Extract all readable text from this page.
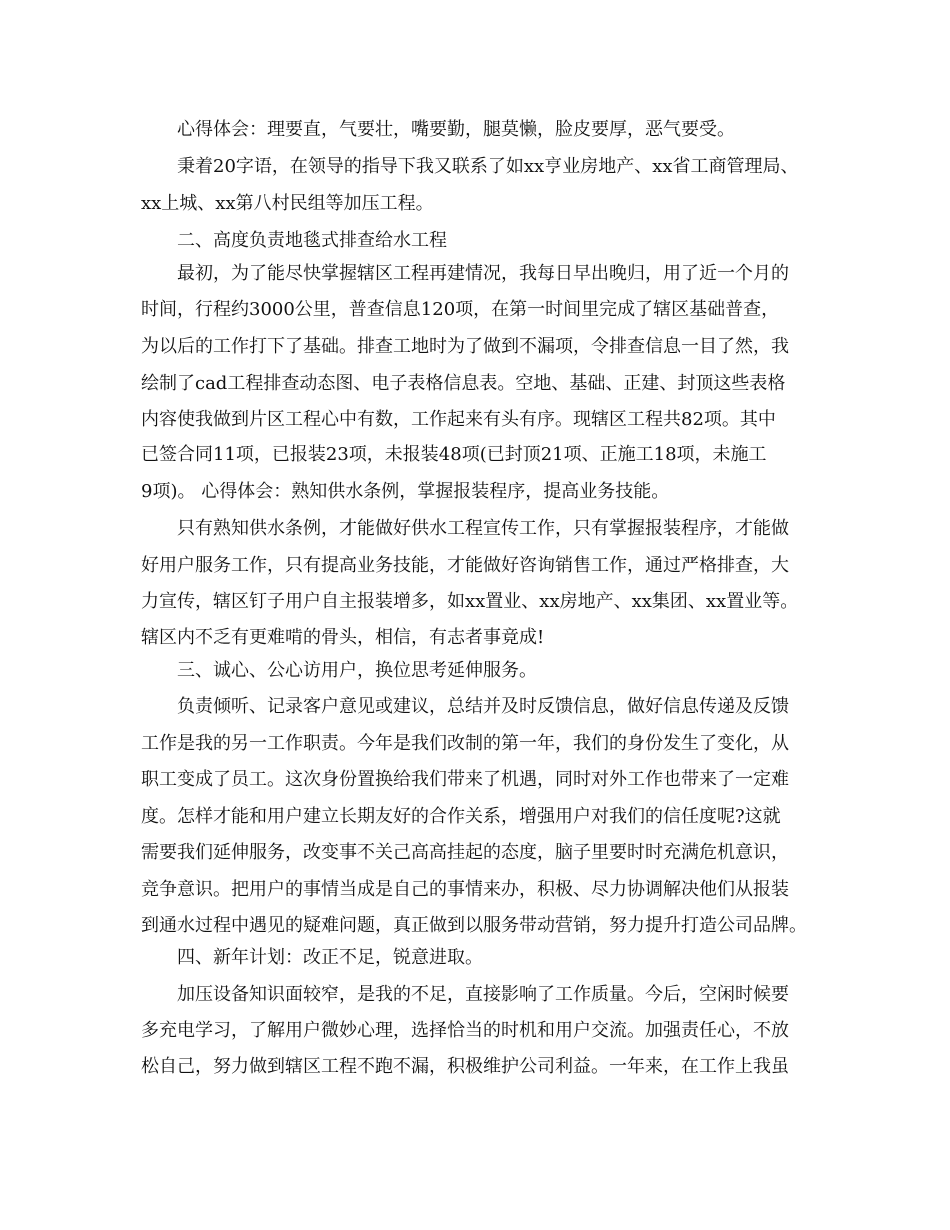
心得体会：理要直，气要壮，嘴要勤，腿莫懒，脸皮要厚，恶气要受。

秉着20字语，在领导的指导下我又联系了如xx亨业房地产、xx省工商管理局、

xx上城、xx第八村民组等加压工程。

二、高度负责地毯式排查给水工程

最初，为了能尽快掌握辖区工程再建情况，我每日早出晚归，用了近一个月的

时间，行程约3000公里，普查信息120项，在第一时间里完成了辖区基础普查，

为以后的工作打下了基础。排查工地时为了做到不漏项，令排查信息一目了然，我

绘制了cad工程排查动态图、电子表格信息表。空地、基础、正建、封顶这些表格

内容使我做到片区工程心中有数，工作起来有头有序。现辖区工程共82项。其中

已签合同11项，已报装23项，未报装48项(已封顶21项、正施工18项，未施工

9项)。 心得体会：熟知供水条例，掌握报装程序，提高业务技能。

只有熟知供水条例，才能做好供水工程宣传工作，只有掌握报装程序，才能做

好用户服务工作，只有提高业务技能，才能做好咨询销售工作，通过严格排查，大

力宣传，辖区钉子用户自主报装增多，如xx置业、xx房地产、xx集团、xx置业等。

辖区内不乏有更难啃的骨头，相信，有志者事竟成!

三、诚心、公心访用户，换位思考延伸服务。

负责倾听、记录客户意见或建议，总结并及时反馈信息，做好信息传递及反馈

工作是我的另一工作职责。今年是我们改制的第一年，我们的身份发生了变化，从

职工变成了员工。这次身份置换给我们带来了机遇，同时对外工作也带来了一定难

度。怎样才能和用户建立长期友好的合作关系，增强用户对我们的信任度呢?这就

需要我们延伸服务，改变事不关己高高挂起的态度，脑子里要时时充满危机意识，

竞争意识。把用户的事情当成是自己的事情来办，积极、尽力协调解决他们从报装

到通水过程中遇见的疑难问题，真正做到以服务带动营销，努力提升打造公司品牌。

四、新年计划：改正不足，锐意进取。

加压设备知识面较窄，是我的不足，直接影响了工作质量。今后，空闲时候要

多充电学习，了解用户微妙心理，选择恰当的时机和用户交流。加强责任心，不放

松自己，努力做到辖区工程不跑不漏，积极维护公司利益。一年来，在工作上我虽
